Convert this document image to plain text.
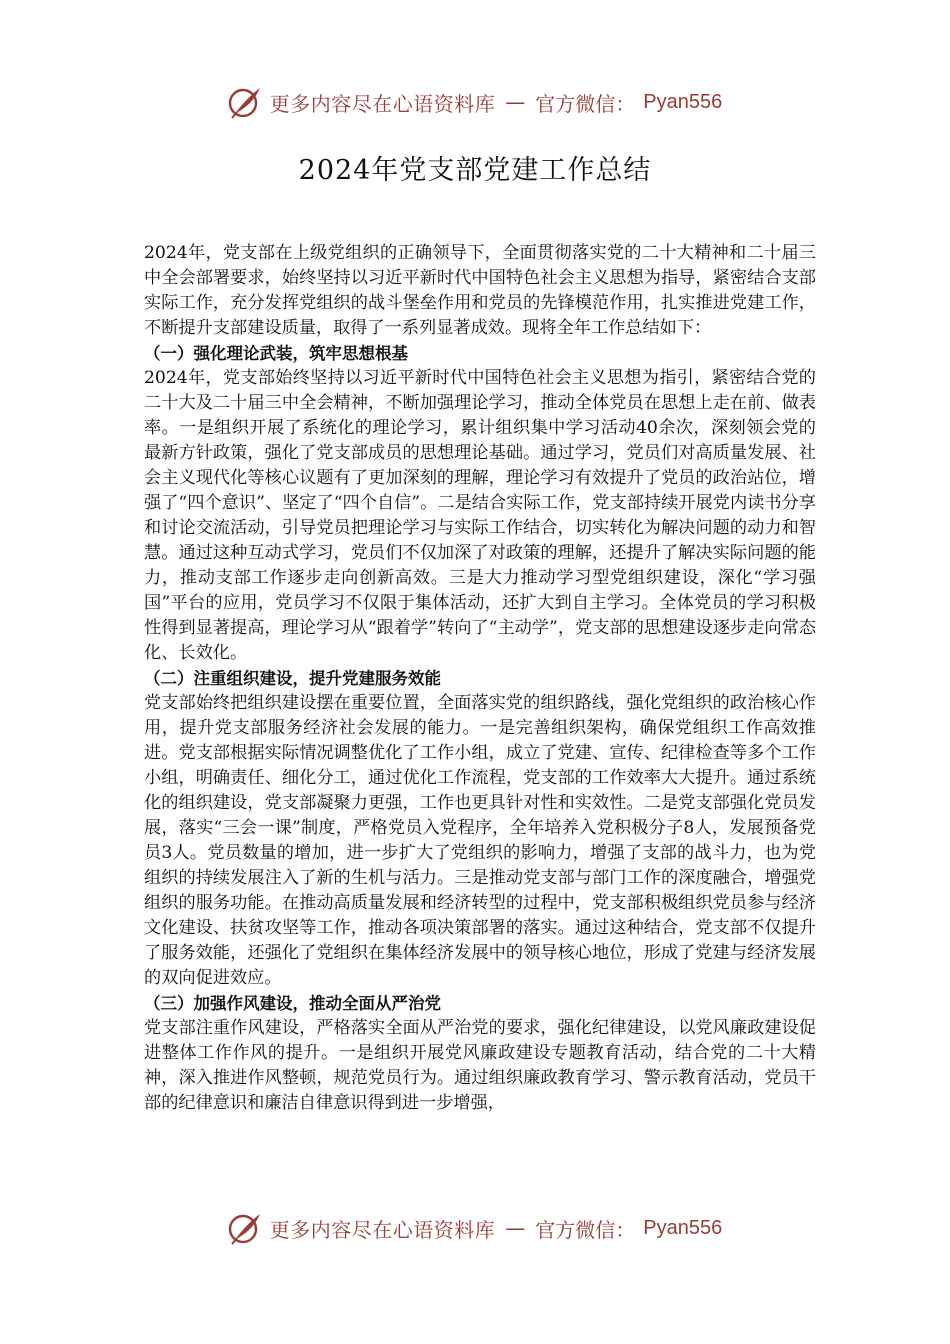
更多内容尽在心语资料库 — 官方微信： Pyan556
2024年党支部党建工作总结

2024年，党支部在上级党组织的正确领导下，全面贯彻落实党的二十大精神和二十届三中全会部署要求，始终坚持以习近平新时代中国特色社会主义思想为指导，紧密结合支部实际工作，充分发挥党组织的战斗堡垒作用和党员的先锋模范作用，扎实推进党建工作，不断提升支部建设质量，取得了一系列显著成效。现将全年工作总结如下：

（一）强化理论武装，筑牢思想根基

2024年，党支部始终坚持以习近平新时代中国特色社会主义思想为指引，紧密结合党的二十大及二十届三中全会精神，不断加强理论学习，推动全体党员在思想上走在前、做表率。一是组织开展了系统化的理论学习，累计组织集中学习活动40余次，深刻领会党的最新方针政策，强化了党支部成员的思想理论基础。通过学习，党员们对高质量发展、社会主义现代化等核心议题有了更加深刻的理解，理论学习有效提升了党员的政治站位，增强了“四个意识”、坚定了“四个自信”。二是结合实际工作，党支部持续开展党内读书分享和讨论交流活动，引导党员把理论学习与实际工作结合，切实转化为解决问题的动力和智慧。通过这种互动式学习，党员们不仅加深了对政策的理解，还提升了解决实际问题的能力，推动支部工作逐步走向创新高效。三是大力推动学习型党组织建设，深化“学习强国”平台的应用，党员学习不仅限于集体活动，还扩大到自主学习。全体党员的学习积极性得到显著提高，理论学习从“跟着学”转向了“主动学”，党支部的思想建设逐步走向常态化、长效化。

（二）注重组织建设，提升党建服务效能

党支部始终把组织建设摆在重要位置，全面落实党的组织路线，强化党组织的政治核心作用，提升党支部服务经济社会发展的能力。一是完善组织架构，确保党组织工作高效推进。党支部根据实际情况调整优化了工作小组，成立了党建、宣传、纪律检查等多个工作小组，明确责任、细化分工，通过优化工作流程，党支部的工作效率大大提升。通过系统化的组织建设，党支部凝聚力更强，工作也更具针对性和实效性。二是党支部强化党员发展，落实“三会一课”制度，严格党员入党程序，全年培养入党积极分子8人，发展预备党员3人。党员数量的增加，进一步扩大了党组织的影响力，增强了支部的战斗力，也为党组织的持续发展注入了新的生机与活力。三是推动党支部与部门工作的深度融合，增强党组织的服务功能。在推动高质量发展和经济转型的过程中，党支部积极组织党员参与经济文化建设、扶贫攻坚等工作，推动各项决策部署的落实。通过这种结合，党支部不仅提升了服务效能，还强化了党组织在集体经济发展中的领导核心地位，形成了党建与经济发展的双向促进效应。

（三）加强作风建设，推动全面从严治党

党支部注重作风建设，严格落实全面从严治党的要求，强化纪律建设，以党风廉政建设促进整体工作作风的提升。一是组织开展党风廉政建设专题教育活动，结合党的二十大精神，深入推进作风整顿，规范党员行为。通过组织廉政教育学习、警示教育活动，党员干部的纪律意识和廉洁自律意识得到进一步增强，

更多内容尽在心语资料库 — 官方微信： Pyan556
